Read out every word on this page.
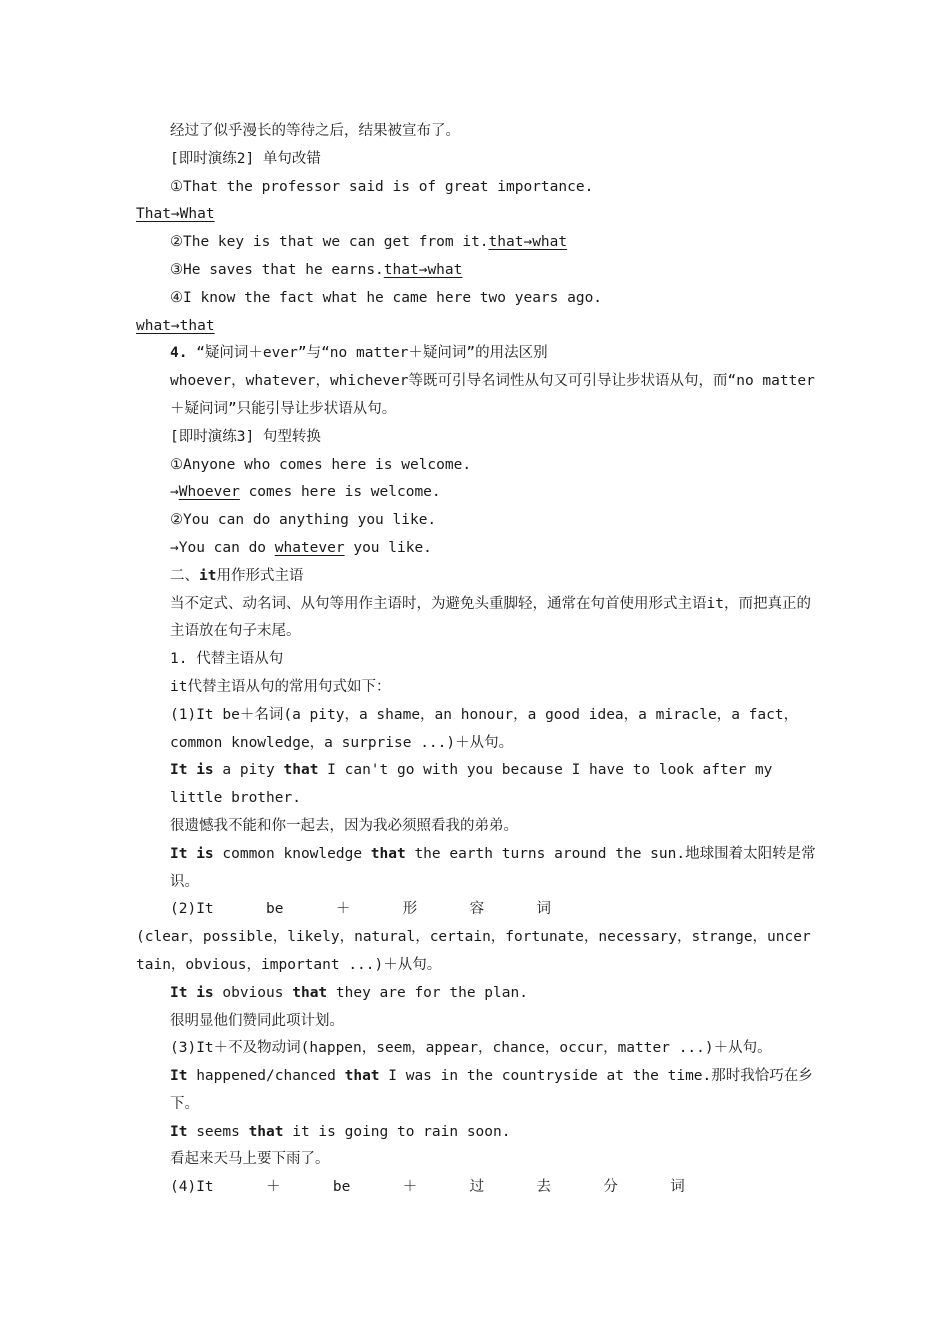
经过了似乎漫长的等待之后，结果被宣布了。
[即时演练2] 单句改错
①That the professor said is of great importance.
That→What
②The key is that we can get from it.that→what
③He saves that he earns.that→what
④I know the fact what he came here two years ago.
what→that
4. “疑问词＋ever”与“no matter＋疑问词”的用法区别
whoever，whatever，whichever等既可引导名词性从句又可引导让步状语从句，而“no matter＋疑问词”只能引导让步状语从句。
[即时演练3] 句型转换
①Anyone who comes here is welcome.
→Whoever comes here is welcome.
②You can do anything you like.
→You can do whatever you like.
二、it用作形式主语
当不定式、动名词、从句等用作主语时，为避免头重脚轻，通常在句首使用形式主语it，而把真正的主语放在句子末尾。
1. 代替主语从句
it代替主语从句的常用句式如下：
(1)It be＋名词(a pity，a shame，an honour，a good idea，a miracle，a fact，common knowledge，a surprise ...)＋从句。
It is a pity that I can't go with you because I have to look after my little brother.
很遗憾我不能和你一起去，因为我必须照看我的弟弟。
It is common knowledge that the earth turns around the sun.地球围着太阳转是常识。
(2)It      be      ＋      形      容      词
(clear，possible，likely，natural，certain，fortunate，necessary，strange，uncer
tain，obvious，important ...)＋从句。
It is obvious that they are for the plan.
很明显他们赞同此项计划。
(3)It＋不及物动词(happen，seem，appear，chance，occur，matter ...)＋从句。
It happened/chanced that I was in the countryside at the time.那时我恰巧在乡下。
It seems that it is going to rain soon.
看起来天马上要下雨了。
(4)It      ＋      be      ＋      过      去      分      词
